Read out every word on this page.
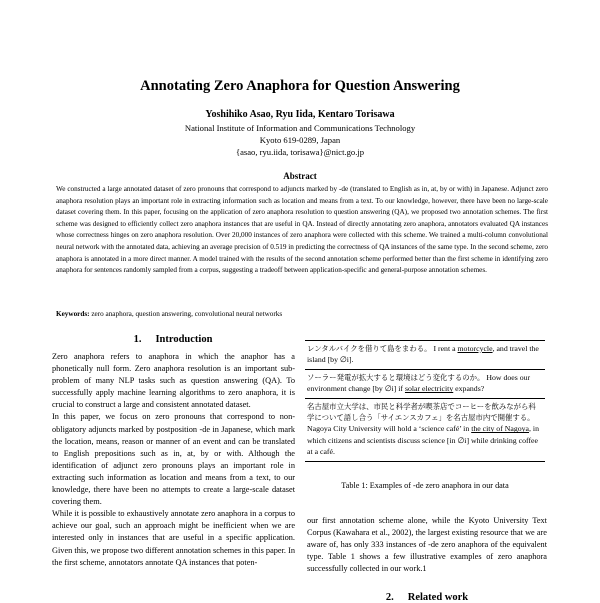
Annotating Zero Anaphora for Question Answering
Yoshihiko Asao, Ryu Iida, Kentaro Torisawa
National Institute of Information and Communications Technology
Kyoto 619-0289, Japan
{asao, ryu.iida, torisawa}@nict.go.jp
Abstract

We constructed a large annotated dataset of zero pronouns that correspond to adjuncts marked by -de (translated to English as in, at, by or with) in Japanese. Adjunct zero anaphora resolution plays an important role in extracting information such as location and means from a text. To our knowledge, however, there have been no large-scale dataset covering them. In this paper, focusing on the application of zero anaphora resolution to question answering (QA), we proposed two annotation schemes. The first scheme was designed to efficiently collect zero anaphora instances that are useful in QA. Instead of directly annotating zero anaphora, annotators evaluated QA instances whose correctness hinges on zero anaphora resolution. Over 20,000 instances of zero anaphora were collected with this scheme. We trained a multi-column convolutional neural network with the annotated data, achieving an average precision of 0.519 in predicting the correctness of QA instances of the same type. In the second scheme, zero anaphora is annotated in a more direct manner. A model trained with the results of the second annotation scheme performed better than the first scheme in identifying zero anaphora for sentences randomly sampled from a corpus, suggesting a tradeoff between application-specific and general-purpose annotation schemes.

Keywords: zero anaphora, question answering, convolutional neural networks

1. Introduction

Zero anaphora refers to anaphora in which the anaphor has a phonetically null form. Zero anaphora resolution is an important sub-problem of many NLP tasks such as question answering (QA). To successfully apply machine learning algorithms to zero anaphora, it is crucial to construct a large and consistent annotated dataset.

In this paper, we focus on zero pronouns that correspond to non-obligatory adjuncts marked by postposition -de in Japanese, which mark the location, means, reason or manner of an event and can be translated to English prepositions such as in, at, by or with. Although the identification of adjunct zero pronouns plays an important role in extracting such information as location and means from a text, to our knowledge, there have been no attempts to create a large-scale dataset covering them.

While it is possible to exhaustively annotate zero anaphora in a corpus to achieve our goal, such an approach might be inefficient when we are interested only in instances that are useful in a specific application. Given this, we propose two different annotation schemes in this paper. In the first scheme, annotators annotate QA instances that poten-

レンタルバイクを借りて島をまわる。 I rent a motorcycle, and travel the island [by ∅i].
ソーラー発電が拡大すると環境はどう変化するのか。 How does our environment change [by ∅i] if solar electricity expands?
名古屋市立大学は、市民と科学者が喫茶店でコーヒーを飲みながら科学について語し合う「サイエンスカフェ」を名古屋市内で開催する。 Nagoya City University will hold a ‘science café’ in the city of Nagoya, in which citizens and scientists discuss science [in ∅i] while drinking coffee at a café.
Table 1: Examples of -de zero anaphora in our data

our first annotation scheme alone, while the Kyoto University Text Corpus (Kawahara et al., 2002), the largest existing resource that we are aware of, has only 333 instances of -de zero anaphora of the equivalent type. Table 1 shows a few illustrative examples of zero anaphora successfully collected in our work.1

2. Related work
